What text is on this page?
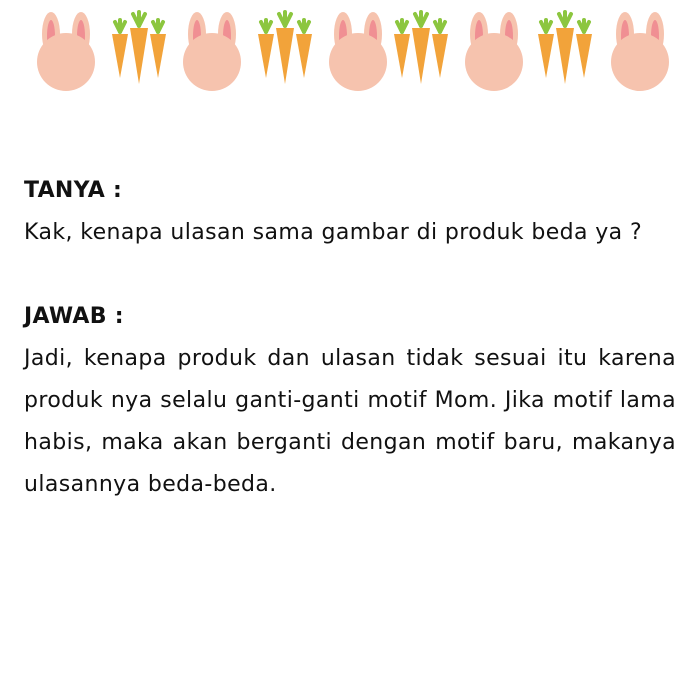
TANYA :

Kak, kenapa ulasan sama gambar di produk beda ya ?

JAWAB :

Jadi, kenapa produk dan ulasan tidak sesuai itu karena produk nya selalu ganti-ganti motif Mom. Jika motif lama habis, maka akan berganti dengan motif baru, makanya ulasannya beda-beda.
